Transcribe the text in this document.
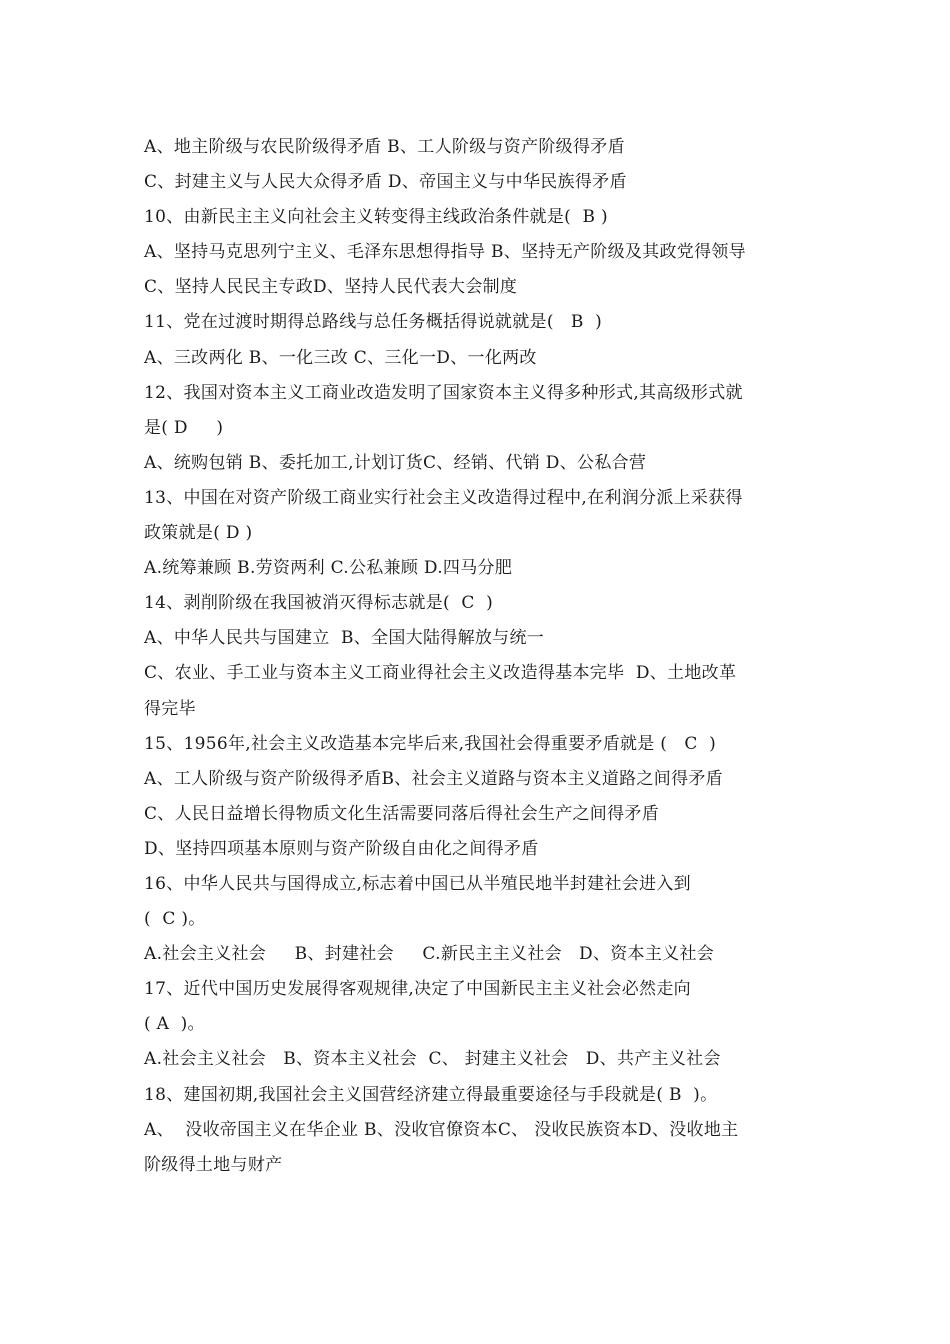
A、地主阶级与农民阶级得矛盾 B、工人阶级与资产阶级得矛盾
C、封建主义与人民大众得矛盾 D、帝国主义与中华民族得矛盾
10、由新民主主义向社会主义转变得主线政治条件就是(  B )
A、坚持马克思列宁主义、毛泽东思想得指导 B、坚持无产阶级及其政党得领导
C、坚持人民民主专政D、坚持人民代表大会制度
11、党在过渡时期得总路线与总任务概括得说就就是(   B  )
A、三改两化 B、一化三改 C、三化一D、一化两改
12、我国对资本主义工商业改造发明了国家资本主义得多种形式,其高级形式就
是( D     )
A、统购包销 B、委托加工,计划订货C、经销、代销 D、公私合营
13、中国在对资产阶级工商业实行社会主义改造得过程中,在利润分派上采获得
政策就是( D )
A.统筹兼顾 B.劳资两利 C.公私兼顾 D.四马分肥
14、剥削阶级在我国被消灭得标志就是(  C  )
A、中华人民共与国建立  B、全国大陆得解放与统一
C、农业、手工业与资本主义工商业得社会主义改造得基本完毕  D、土地改革
得完毕
15、1956年,社会主义改造基本完毕后来,我国社会得重要矛盾就是 (   C  )
A、工人阶级与资产阶级得矛盾B、社会主义道路与资本主义道路之间得矛盾
C、人民日益增长得物质文化生活需要同落后得社会生产之间得矛盾
D、坚持四项基本原则与资产阶级自由化之间得矛盾
16、中华人民共与国得成立,标志着中国已从半殖民地半封建社会进入到
(  C )。
A.社会主义社会     B、封建社会     C.新民主主义社会   D、资本主义社会
17、近代中国历史发展得客观规律,决定了中国新民主主义社会必然走向
( A  )。
A.社会主义社会   B、资本主义社会  C、 封建主义社会   D、共产主义社会
18、建国初期,我国社会主义国营经济建立得最重要途径与手段就是( B  )。
A、  没收帝国主义在华企业 B、没收官僚资本C、 没收民族资本D、没收地主
阶级得土地与财产
